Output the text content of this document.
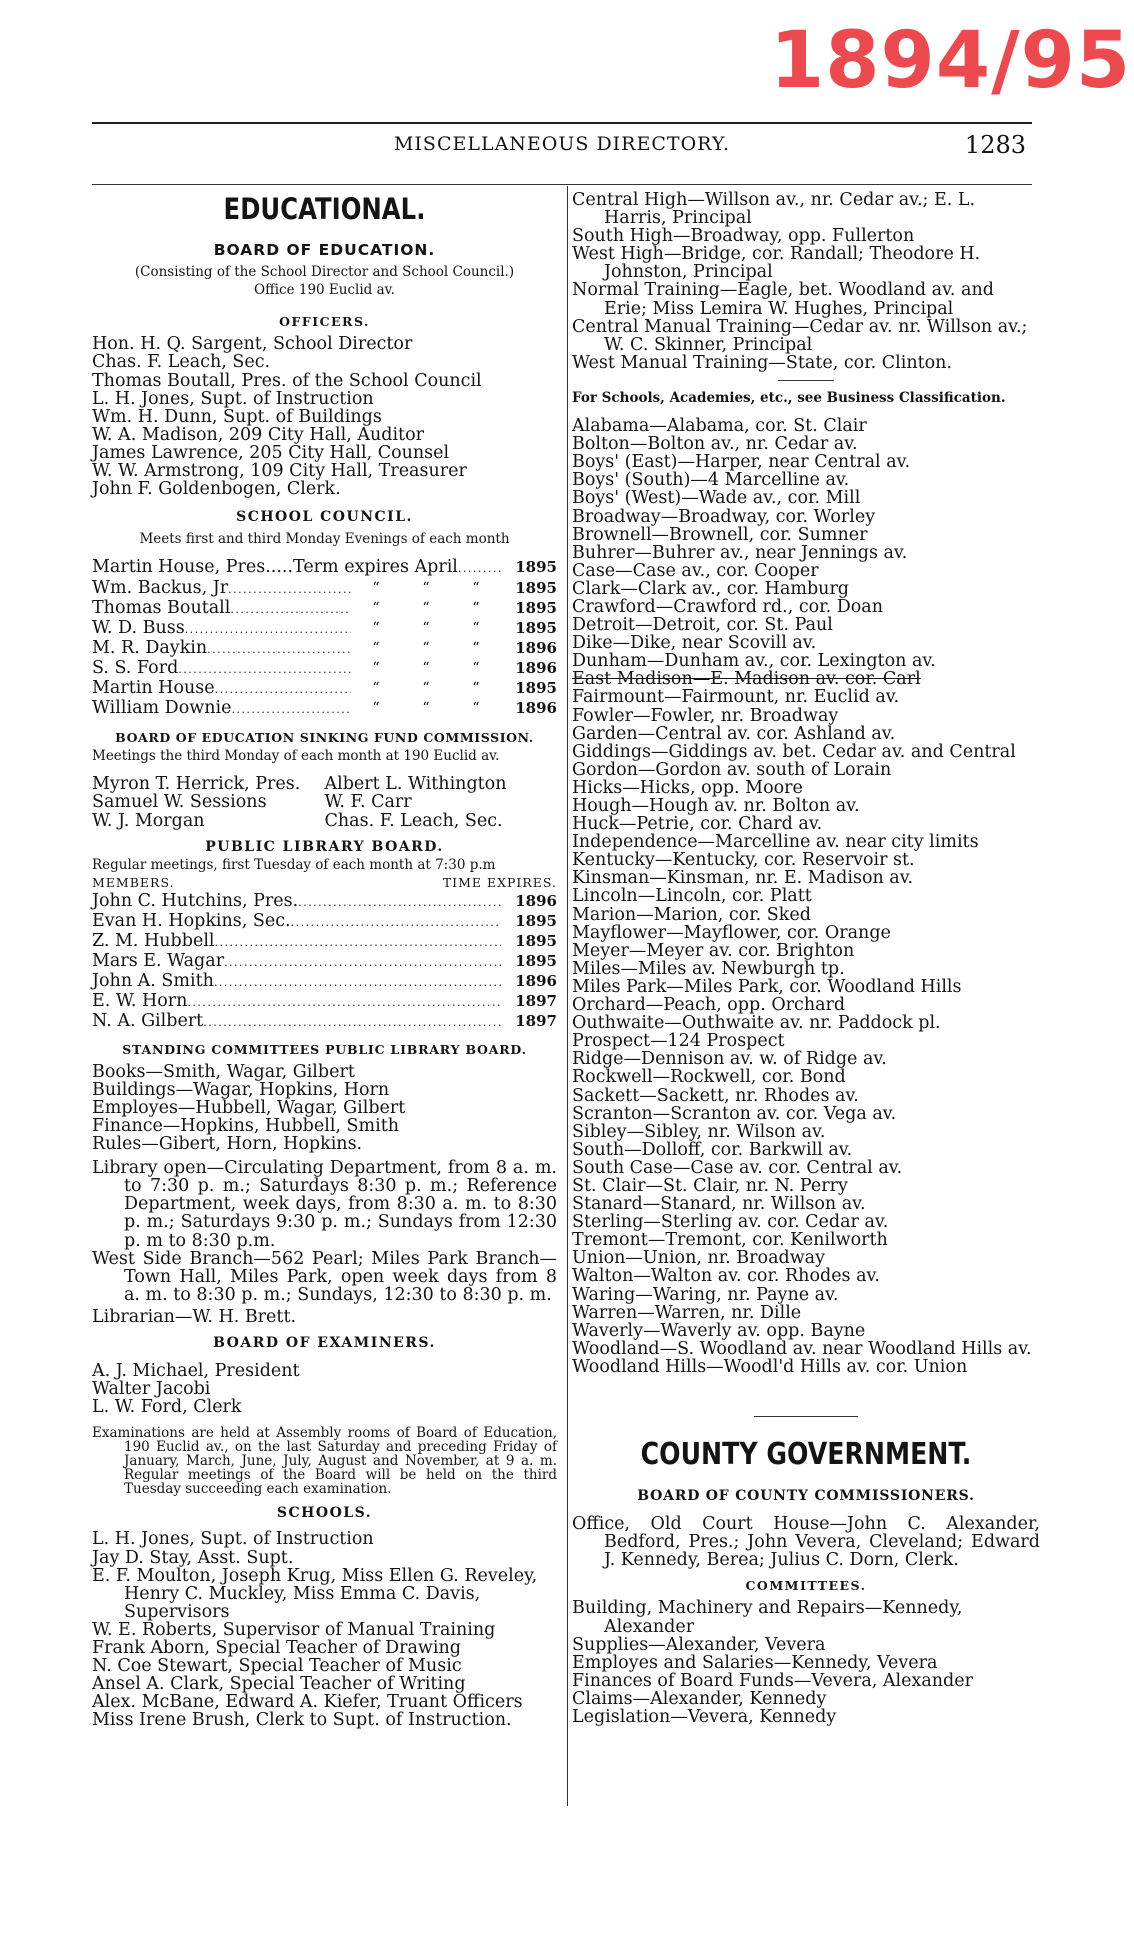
1894/95
MISCELLANEOUS DIRECTORY.	1283
EDUCATIONAL.
BOARD OF EDUCATION.
(Consisting of the School Director and School Council.)
Office 190 Euclid av.
OFFICERS.
Hon. H. Q. Sargent, School Director
Chas. F. Leach, Sec.
Thomas Boutall, Pres. of the School Council
L. H. Jones, Supt. of Instruction
Wm. H. Dunn, Supt. of Buildings
W. A. Madison, 209 City Hall, Auditor
James Lawrence, 205 City Hall, Counsel
W. W. Armstrong, 109 City Hall, Treasurer
John F. Goldenbogen, Clerk.
SCHOOL COUNCIL.
Meets first and third Monday Evenings of each month
Martin House, Pres..... Term expires April . . .	1895
Wm. Backus, Jr . . .	“	“	“	1895
Thomas Boutall . . .	“	“	“	1895
W. D. Buss . . .	“	“	“	1895
M. R. Daykin . . .	“	“	“	1896
S. S. Ford . . .	“	“	“	1896
Martin House . . .	“	“	“	1895
William Downie . . .	“	“	“	1896
BOARD OF EDUCATION SINKING FUND COMMISSION.
Meetings the third Monday of each month at 190 Euclid av.
Myron T. Herrick, Pres.	Albert L. Withington
Samuel W. Sessions	W. F. Carr
W. J. Morgan	Chas. F. Leach, Sec.
PUBLIC LIBRARY BOARD.
Regular meetings, first Tuesday of each month at 7:30 p.m
MEMBERS.	TIME EXPIRES.
John C. Hutchins, Pres. . . .	1896
Evan H. Hopkins, Sec. . . .	1895
Z. M. Hubbell . . .	1895
Mars E. Wagar . . .	1895
John A. Smith . . .	1896
E. W. Horn . . .	1897
N. A. Gilbert . . .	1897
STANDING COMMITTEES PUBLIC LIBRARY BOARD.
Books—Smith, Wagar, Gilbert
Buildings—Wagar, Hopkins, Horn
Employes—Hubbell, Wagar, Gilbert
Finance—Hopkins, Hubbell, Smith
Rules—Gibert, Horn, Hopkins.
Library open—Circulating Department, from 8 a. m. to 7:30 p. m.; Saturdays 8:30 p. m.; Reference Department, week days, from 8:30 a. m. to 8:30 p. m.; Saturdays 9:30 p. m.; Sundays from 12:30 p. m to 8:30 p.m.
West Side Branch—562 Pearl; Miles Park Branch—Town Hall, Miles Park, open week days from 8 a. m. to 8:30 p. m.; Sundays, 12:30 to 8:30 p. m.
Librarian—W. H. Brett.
BOARD OF EXAMINERS.
A. J. Michael, President
Walter Jacobi
L. W. Ford, Clerk
Examinations are held at Assembly rooms of Board of Education, 190 Euclid av., on the last Saturday and preceding Friday of January, March, June, July, August and November, at 9 a. m. Regular meetings of the Board will be held on the third Tuesday succeeding each examination.
SCHOOLS.
L. H. Jones, Supt. of Instruction
Jay D. Stay, Asst. Supt.
E. F. Moulton, Joseph Krug, Miss Ellen G. Reveley, Henry C. Muckley, Miss Emma C. Davis, Supervisors
W. E. Roberts, Supervisor of Manual Training
Frank Aborn, Special Teacher of Drawing
N. Coe Stewart, Special Teacher of Music
Ansel A. Clark, Special Teacher of Writing
Alex. McBane, Edward A. Kiefer, Truant Officers
Miss Irene Brush, Clerk to Supt. of Instruction.
Central High—Willson av., nr. Cedar av.; E. L. Harris, Principal
South High—Broadway, opp. Fullerton
West High—Bridge, cor. Randall; Theodore H. Johnston, Principal
Normal Training—Eagle, bet. Woodland av. and Erie; Miss Lemira W. Hughes, Principal
Central Manual Training—Cedar av. nr. Willson av.; W. C. Skinner, Principal
West Manual Training—State, cor. Clinton.
For Schools, Academies, etc., see Business Classification.
Alabama—Alabama, cor. St. Clair
Bolton—Bolton av., nr. Cedar av.
Boys' (East)—Harper, near Central av.
Boys' (South)—4 Marcelline av.
Boys' (West)—Wade av., cor. Mill
Broadway—Broadway, cor. Worley
Brownell—Brownell, cor. Sumner
Buhrer—Buhrer av., near Jennings av.
Case—Case av., cor. Cooper
Clark—Clark av., cor. Hamburg
Crawford—Crawford rd., cor. Doan
Detroit—Detroit, cor. St. Paul
Dike—Dike, near Scovill av.
Dunham—Dunham av., cor. Lexington av.
East Madison—E. Madison av. cor. Carl
Fairmount—Fairmount, nr. Euclid av.
Fowler—Fowler, nr. Broadway
Garden—Central av. cor. Ashland av.
Giddings—Giddings av. bet. Cedar av. and Central
Gordon—Gordon av. south of Lorain
Hicks—Hicks, opp. Moore
Hough—Hough av. nr. Bolton av.
Huck—Petrie, cor. Chard av.
Independence—Marcelline av. near city limits
Kentucky—Kentucky, cor. Reservoir st.
Kinsman—Kinsman, nr. E. Madison av.
Lincoln—Lincoln, cor. Platt
Marion—Marion, cor. Sked
Mayflower—Mayflower, cor. Orange
Meyer—Meyer av. cor. Brighton
Miles—Miles av. Newburgh tp.
Miles Park—Miles Park, cor. Woodland Hills
Orchard—Peach, opp. Orchard
Outhwaite—Outhwaite av. nr. Paddock pl.
Prospect—124 Prospect
Ridge—Dennison av. w. of Ridge av.
Rockwell—Rockwell, cor. Bond
Sackett—Sackett, nr. Rhodes av.
Scranton—Scranton av. cor. Vega av.
Sibley—Sibley, nr. Wilson av.
South—Dolloff, cor. Barkwill av.
South Case—Case av. cor. Central av.
St. Clair—St. Clair, nr. N. Perry
Stanard—Stanard, nr. Willson av.
Sterling—Sterling av. cor. Cedar av.
Tremont—Tremont, cor. Kenilworth
Union—Union, nr. Broadway
Walton—Walton av. cor. Rhodes av.
Waring—Waring, nr. Payne av.
Warren—Warren, nr. Dille
Waverly—Waverly av. opp. Bayne
Woodland—S. Woodland av. near Woodland Hills av.
Woodland Hills—Woodl'd Hills av. cor. Union
COUNTY GOVERNMENT.
BOARD OF COUNTY COMMISSIONERS.
Office, Old Court House—John C. Alexander, Bedford, Pres.; John Vevera, Cleveland; Edward J. Kennedy, Berea; Julius C. Dorn, Clerk.
COMMITTEES.
Building, Machinery and Repairs—Kennedy, Alexander
Supplies—Alexander, Vevera
Employes and Salaries—Kennedy, Vevera
Finances of Board Funds—Vevera, Alexander
Claims—Alexander, Kennedy
Legislation—Vevera, Kennedy
